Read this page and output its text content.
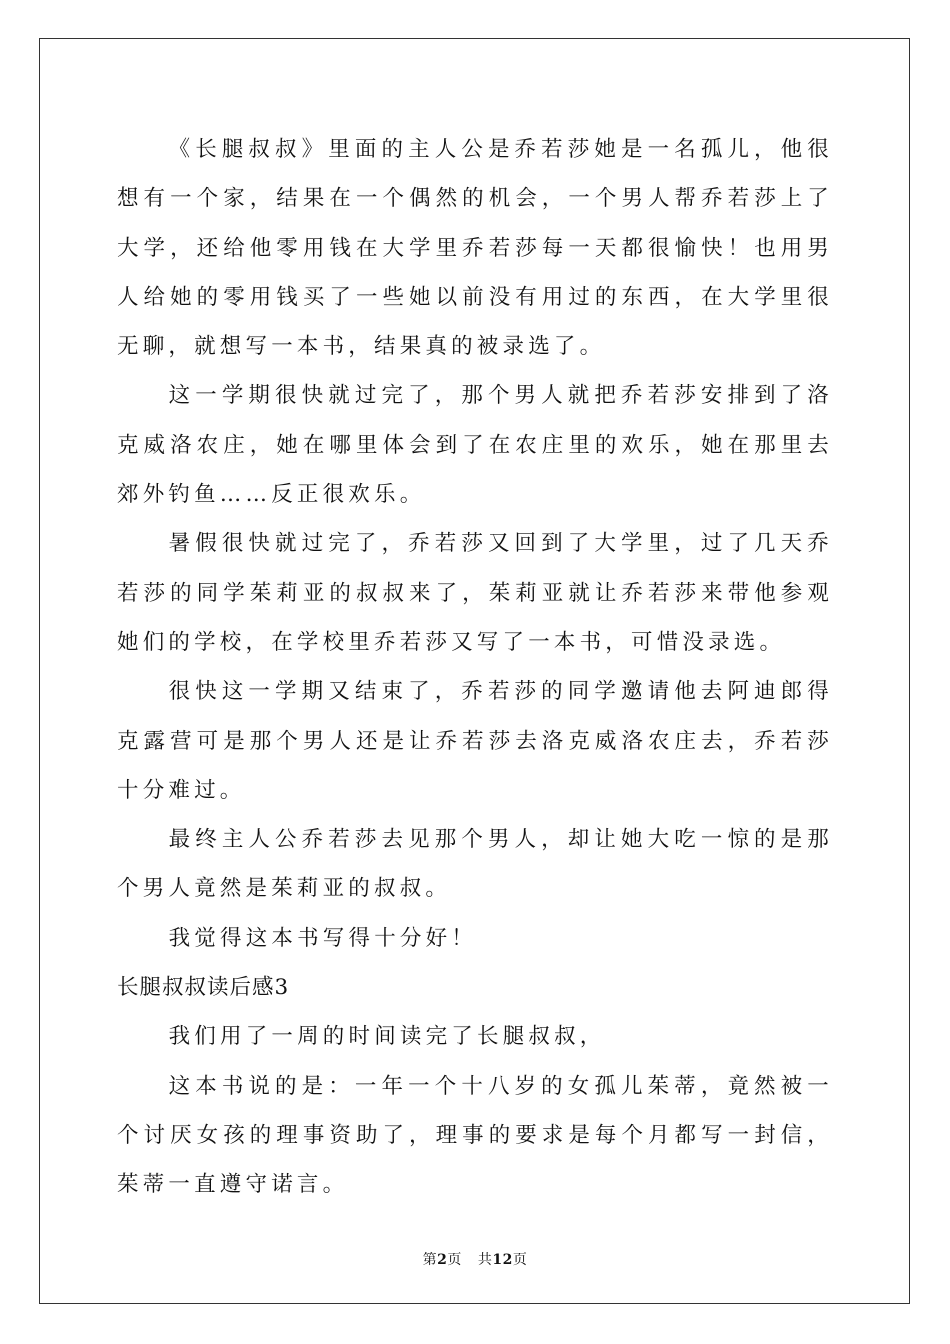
《长腿叔叔》里面的主人公是乔若莎她是一名孤儿，他很想有一个家，结果在一个偶然的机会，一个男人帮乔若莎上了大学，还给他零用钱在大学里乔若莎每一天都很愉快！也用男人给她的零用钱买了一些她以前没有用过的东西，在大学里很无聊，就想写一本书，结果真的被录选了。

这一学期很快就过完了，那个男人就把乔若莎安排到了洛克威洛农庄，她在哪里体会到了在农庄里的欢乐，她在那里去郊外钓鱼……反正很欢乐。

暑假很快就过完了，乔若莎又回到了大学里，过了几天乔若莎的同学茱莉亚的叔叔来了，茱莉亚就让乔若莎来带他参观她们的学校，在学校里乔若莎又写了一本书，可惜没录选。

很快这一学期又结束了，乔若莎的同学邀请他去阿迪郎得克露营可是那个男人还是让乔若莎去洛克威洛农庄去，乔若莎十分难过。

最终主人公乔若莎去见那个男人，却让她大吃一惊的是那个男人竟然是茱莉亚的叔叔。

我觉得这本书写得十分好！

长腿叔叔读后感3

我们用了一周的时间读完了长腿叔叔，

这本书说的是：一年一个十八岁的女孤儿茱蒂，竟然被一个讨厌女孩的理事资助了，理事的要求是每个月都写一封信，茱蒂一直遵守诺言。

第2页 共12页
